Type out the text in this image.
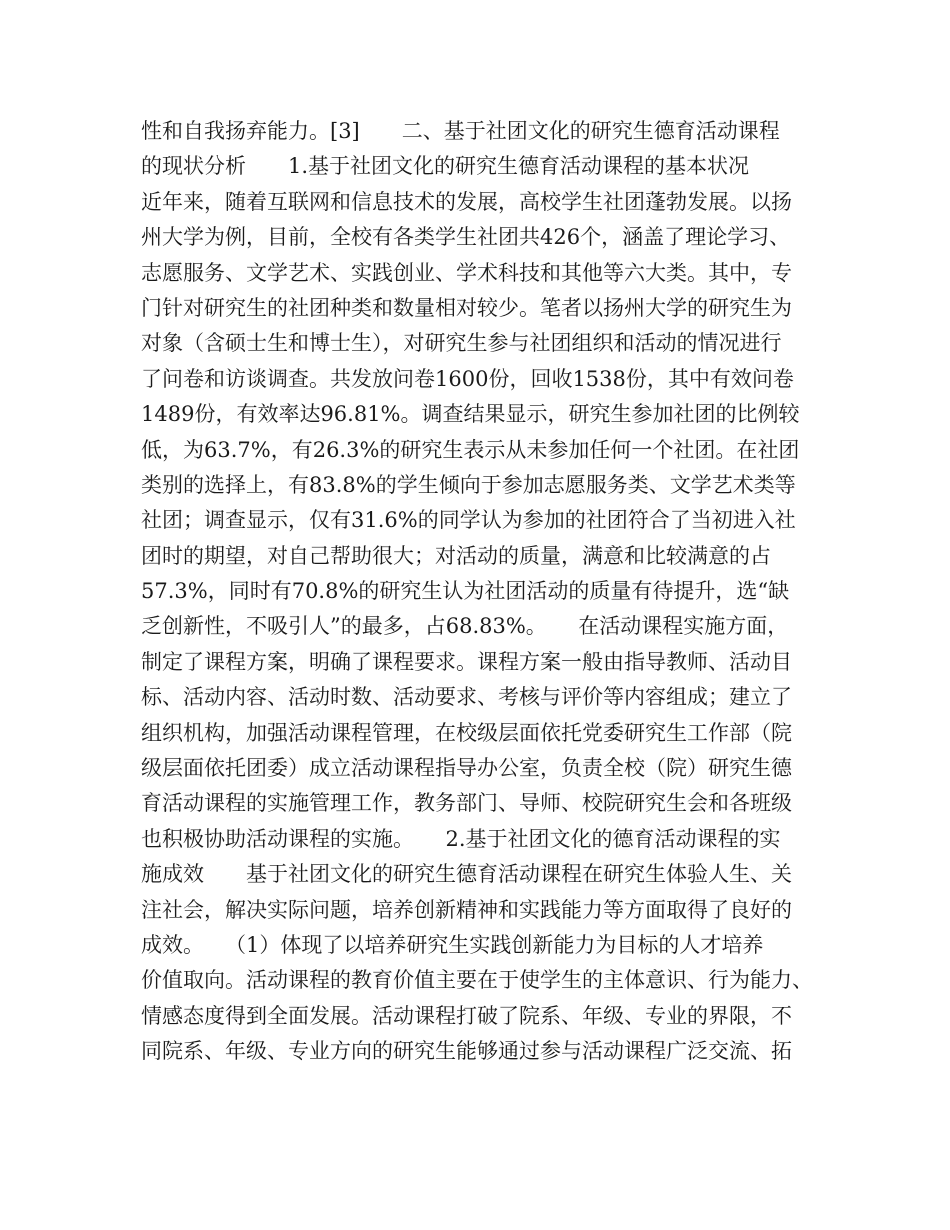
性和自我扬弃能力。[3]　　二、基于社团文化的研究生德育活动课程
的现状分析　　1.基于社团文化的研究生德育活动课程的基本状况
近年来，随着互联网和信息技术的发展，高校学生社团蓬勃发展。以扬
州大学为例，目前，全校有各类学生社团共426个，涵盖了理论学习、
志愿服务、文学艺术、实践创业、学术科技和其他等六大类。其中，专
门针对研究生的社团种类和数量相对较少。笔者以扬州大学的研究生为
对象（含硕士生和博士生），对研究生参与社团组织和活动的情况进行
了问卷和访谈调查。共发放问卷1600份，回收1538份，其中有效问卷
1489份，有效率达96.81%。调查结果显示，研究生参加社团的比例较
低，为63.7%，有26.3%的研究生表示从未参加任何一个社团。在社团
类别的选择上，有83.8%的学生倾向于参加志愿服务类、文学艺术类等
社团；调查显示，仅有31.6%的同学认为参加的社团符合了当初进入社
团时的期望，对自己帮助很大；对活动的质量，满意和比较满意的占
57.3%，同时有70.8%的研究生认为社团活动的质量有待提升，选“缺
乏创新性，不吸引人”的最多，占68.83%。　　在活动课程实施方面，
制定了课程方案，明确了课程要求。课程方案一般由指导教师、活动目
标、活动内容、活动时数、活动要求、考核与评价等内容组成；建立了
组织机构，加强活动课程管理，在校级层面依托党委研究生工作部（院
级层面依托团委）成立活动课程指导办公室，负责全校（院）研究生德
育活动课程的实施管理工作，教务部门、导师、校院研究生会和各班级
也积极协助活动课程的实施。　　2.基于社团文化的德育活动课程的实
施成效　　基于社团文化的研究生德育活动课程在研究生体验人生、关
注社会，解决实际问题，培养创新精神和实践能力等方面取得了良好的
成效。　　（1）体现了以培养研究生实践创新能力为目标的人才培养
价值取向。活动课程的教育价值主要在于使学生的主体意识、行为能力、
情感态度得到全面发展。活动课程打破了院系、年级、专业的界限，不
同院系、年级、专业方向的研究生能够通过参与活动课程广泛交流、拓
